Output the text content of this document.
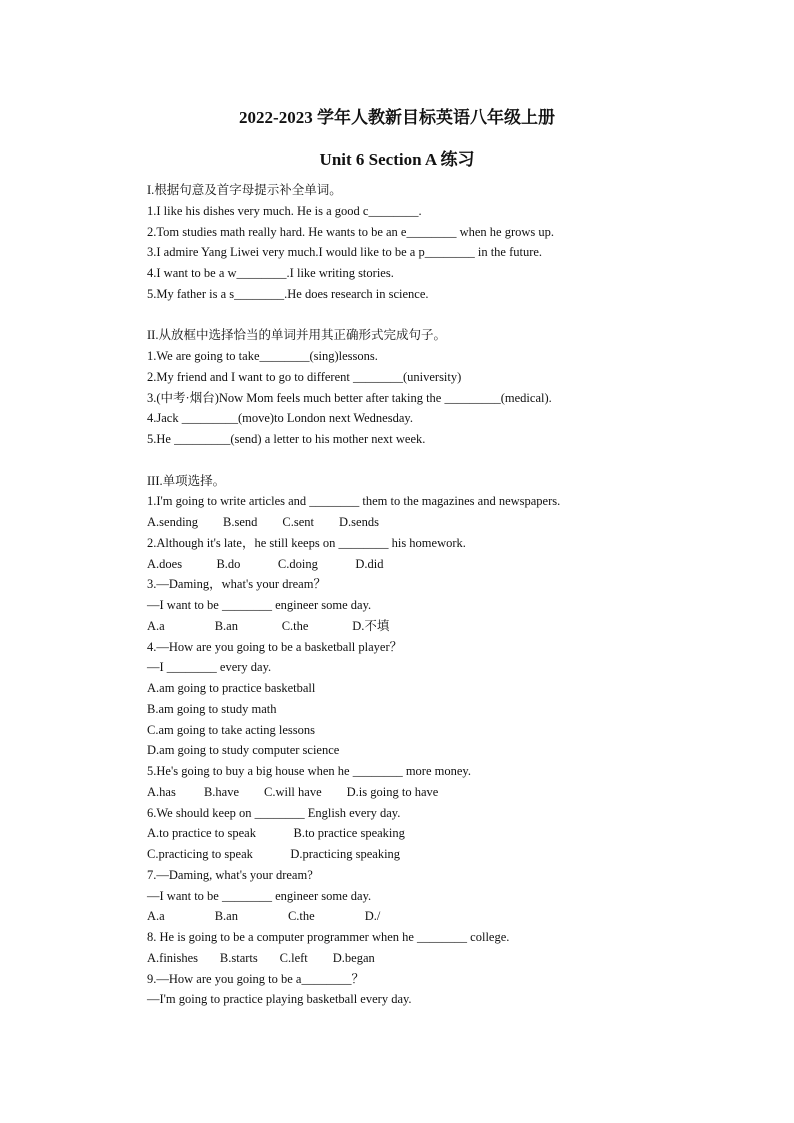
2022-2023 学年人教新目标英语八年级上册
Unit 6 Section A 练习

I.根据句意及首字母提示补全单词。

1.I like his dishes very much. He is a good c________.

2.Tom studies math really hard. He wants to be an e________ when he grows up.

3.I admire Yang Liwei very much.I would like to be a p________ in the future.

4.I want to be a w________.I like writing stories.

5.My father is a s________.He does research in science.

II.从放框中选择恰当的单词并用其正确形式完成句子。

1.We are going to take________(sing)lessons.

2.My friend and I want to go to different ________(university)

3.(中考·烟台)Now Mom feels much better after taking the _________(medical).

4.Jack _________(move)to London next Wednesday.

5.He _________(send) a letter to his mother next week.

III.单项选择。

1.I'm going to write articles and ________ them to the magazines and newspapers.

A.sending        B.send        C.sent        D.sends

2.Although it's late，he still keeps on ________ his homework.

A.does           B.do            C.doing            D.did

3.—Daming，what's your dream？

—I want to be ________ engineer some day.

A.a                B.an              C.the              D.不填

4.—How are you going to be a basketball player？

—I ________ every day.

A.am going to practice basketball

B.am going to study math

C.am going to take acting lessons

D.am going to study computer science

5.He's going to buy a big house when he ________ more money.

A.has         B.have        C.will have        D.is going to have

6.We should keep on ________ English every day.

A.to practice to speak            B.to practice speaking

C.practicing to speak            D.practicing speaking

7.—Daming, what's your dream?

—I want to be ________ engineer some day.

A.a                B.an                C.the                D./

8. He is going to be a computer programmer when he ________ college.

A.finishes       B.starts       C.left        D.began

9.—How are you going to be a________？

—I'm going to practice playing basketball every day.
